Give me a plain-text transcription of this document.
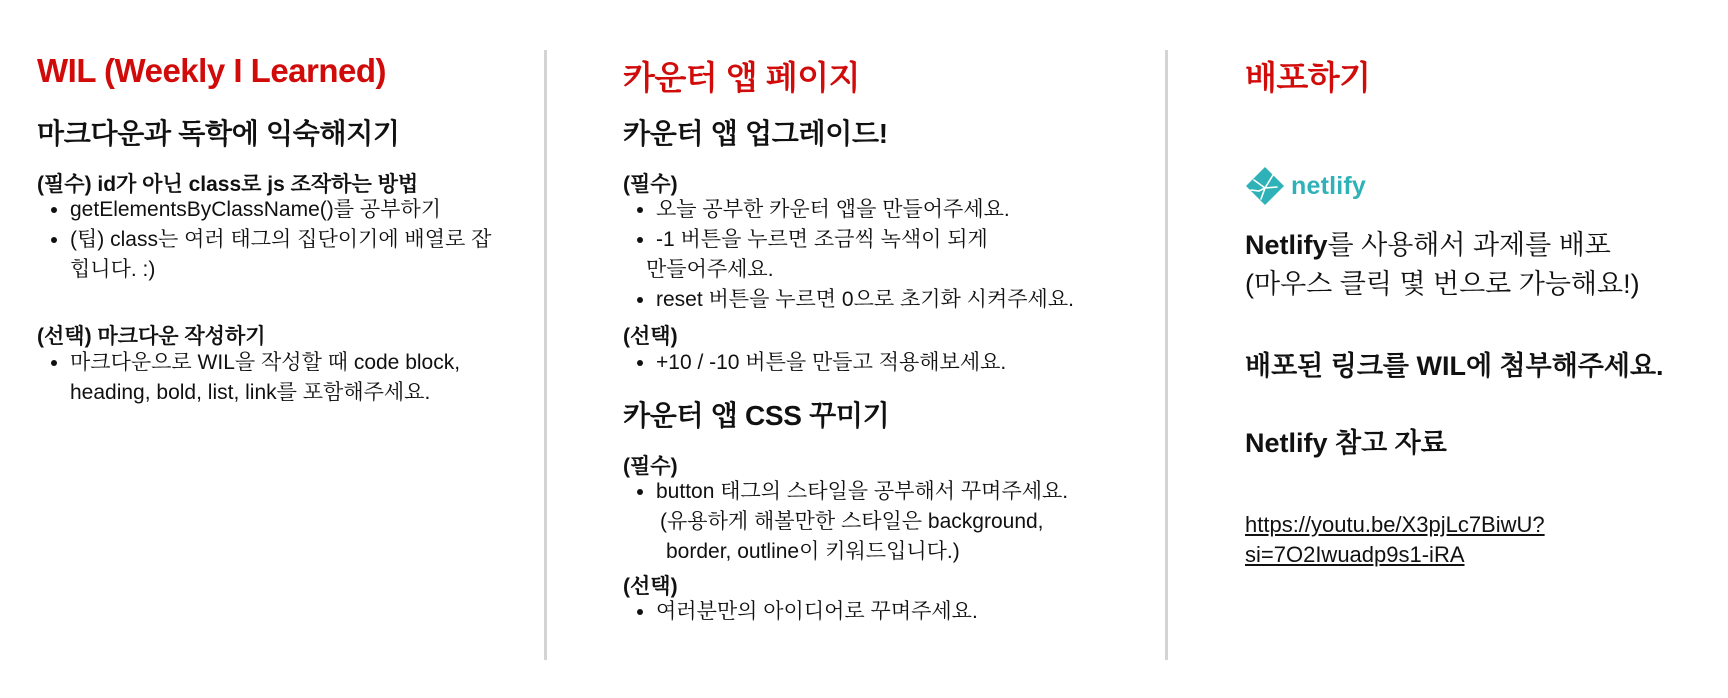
WIL (Weekly I Learned)
마크다운과 독학에 익숙해지기
(필수) id가 아닌 class로 js 조작하는 방법
• getElementsByClassName()를 공부하기
• (팁) class는 여러 태그의 집단이기에 배열로 잡
힙니다. :)
(선택) 마크다운 작성하기
• 마크다운으로 WIL을 작성할 때 code block,
heading, bold, list, link를 포함해주세요.
카운터 앱 페이지
카운터 앱 업그레이드!
(필수)
• 오늘 공부한 카운터 앱을 만들어주세요.
• -1 버튼을 누르면 조금씩 녹색이 되게
만들어주세요.
• reset 버튼을 누르면 0으로 초기화 시켜주세요.
(선택)
• +10 / -10 버튼을 만들고 적용해보세요.
카운터 앱 CSS 꾸미기
(필수)
• button 태그의 스타일을 공부해서 꾸며주세요.
(유용하게 해볼만한 스타일은 background,
border, outline이 키워드입니다.)
(선택)
• 여러분만의 아이디어로 꾸며주세요.
배포하기
netlify

Netlify를 사용해서 과제를 배포
(마우스 클릭 몇 번으로 가능해요!)

배포된 링크를 WIL에 첨부해주세요.

Netlify 참고 자료

https://youtu.be/X3pjLc7BiwU?
si=7O2Iwuadp9s1-iRA
